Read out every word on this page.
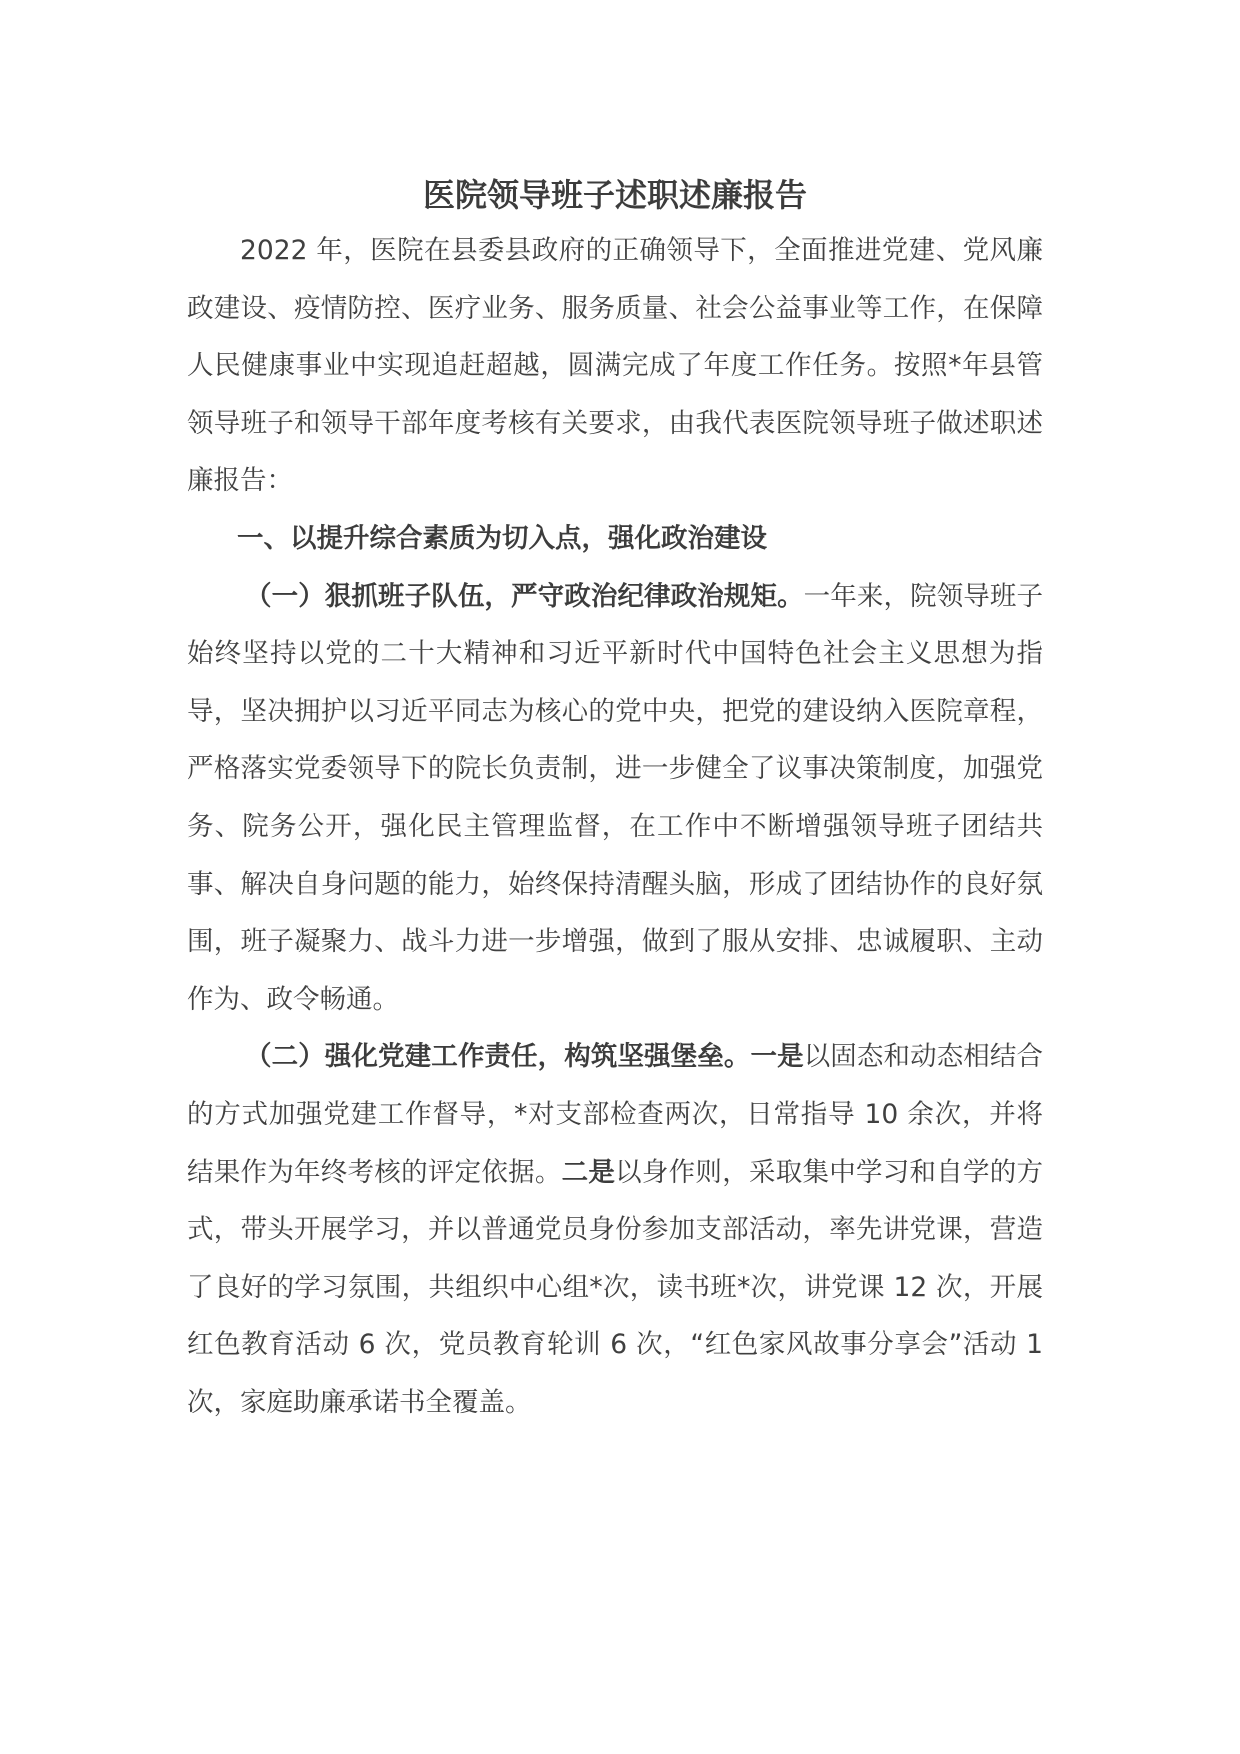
医院领导班子述职述廉报告

2022 年，医院在县委县政府的正确领导下，全面推进党建、党风廉政建设、疫情防控、医疗业务、服务质量、社会公益事业等工作，在保障人民健康事业中实现追赶超越，圆满完成了年度工作任务。按照*年县管领导班子和领导干部年度考核有关要求，由我代表医院领导班子做述职述廉报告：

一、以提升综合素质为切入点，强化政治建设

（一）狠抓班子队伍，严守政治纪律政治规矩。一年来，院领导班子始终坚持以党的二十大精神和习近平新时代中国特色社会主义思想为指导，坚决拥护以习近平同志为核心的党中央，把党的建设纳入医院章程，严格落实党委领导下的院长负责制，进一步健全了议事决策制度，加强党务、院务公开，强化民主管理监督，在工作中不断增强领导班子团结共事、解决自身问题的能力，始终保持清醒头脑，形成了团结协作的良好氛围，班子凝聚力、战斗力进一步增强，做到了服从安排、忠诚履职、主动作为、政令畅通。

（二）强化党建工作责任，构筑坚强堡垒。一是以固态和动态相结合的方式加强党建工作督导，*对支部检查两次，日常指导 10 余次，并将结果作为年终考核的评定依据。二是以身作则，采取集中学习和自学的方式，带头开展学习，并以普通党员身份参加支部活动，率先讲党课，营造了良好的学习氛围，共组织中心组*次，读书班*次，讲党课 12 次，开展红色教育活动 6 次，党员教育轮训 6 次，“红色家风故事分享会”活动 1 次，家庭助廉承诺书全覆盖。
